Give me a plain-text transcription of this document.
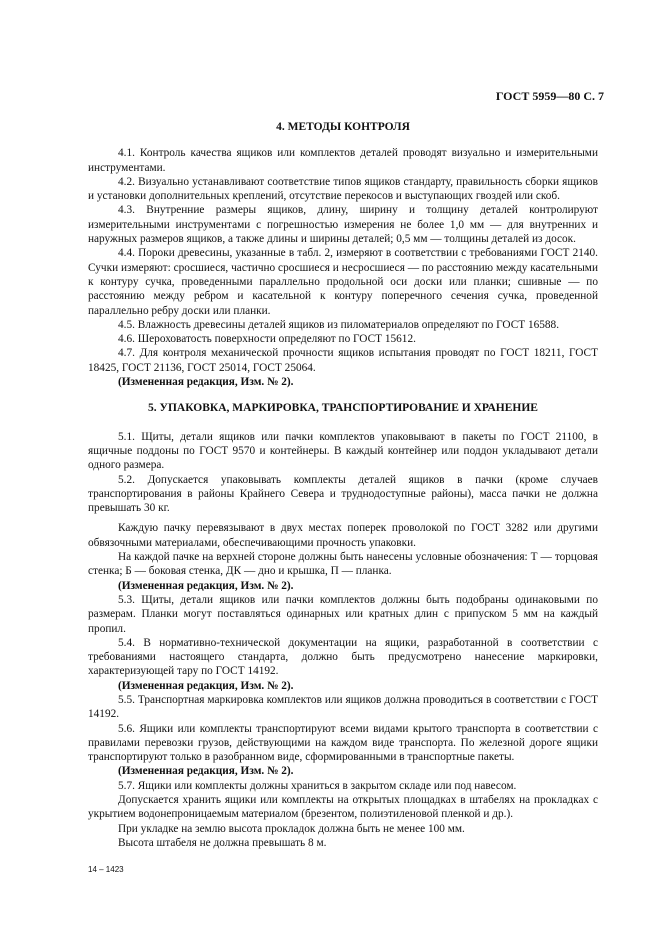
ГОСТ 5959—80 С. 7

4. МЕТОДЫ КОНТРОЛЯ

4.1. Контроль качества ящиков или комплектов деталей проводят визуально и измерительными инструментами.

4.2. Визуально устанавливают соответствие типов ящиков стандарту, правильность сборки ящиков и установки дополнительных креплений, отсутствие перекосов и выступающих гвоздей или скоб.

4.3. Внутренние размеры ящиков, длину, ширину и толщину деталей контролируют измерительными инструментами с погрешностью измерения не более 1,0 мм — для внутренних и наружных размеров ящиков, а также длины и ширины деталей; 0,5 мм — толщины деталей из досок.

4.4. Пороки древесины, указанные в табл. 2, измеряют в соответствии с требованиями ГОСТ 2140. Сучки измеряют: сросшиеся, частично сросшиеся и несросшиеся — по расстоянию между касательными к контуру сучка, проведенными параллельно продольной оси доски или планки; сшивные — по расстоянию между ребром и касательной к контуру поперечного сечения сучка, проведенной параллельно ребру доски или планки.

4.5. Влажность древесины деталей ящиков из пиломатериалов определяют по ГОСТ 16588.

4.6. Шероховатость поверхности определяют по ГОСТ 15612.

4.7. Для контроля механической прочности ящиков испытания проводят по ГОСТ 18211, ГОСТ 18425, ГОСТ 21136, ГОСТ 25014, ГОСТ 25064.

(Измененная редакция, Изм. № 2).

5. УПАКОВКА, МАРКИРОВКА, ТРАНСПОРТИРОВАНИЕ И ХРАНЕНИЕ

5.1. Щиты, детали ящиков или пачки комплектов упаковывают в пакеты по ГОСТ 21100, в ящичные поддоны по ГОСТ 9570 и контейнеры. В каждый контейнер или поддон укладывают детали одного размера.

5.2. Допускается упаковывать комплекты деталей ящиков в пачки (кроме случаев транспортирования в районы Крайнего Севера и труднодоступные районы), масса пачки не должна превышать 30 кг.

Каждую пачку перевязывают в двух местах поперек проволокой по ГОСТ 3282 или другими обвязочными материалами, обеспечивающими прочность упаковки.

На каждой пачке на верхней стороне должны быть нанесены условные обозначения: Т — торцовая стенка; Б — боковая стенка, ДК — дно и крышка, П — планка.

(Измененная редакция, Изм. № 2).

5.3. Щиты, детали ящиков или пачки комплектов должны быть подобраны одинаковыми по размерам. Планки могут поставляться одинарных или кратных длин с припуском 5 мм на каждый пропил.

5.4. В нормативно-технической документации на ящики, разработанной в соответствии с требованиями настоящего стандарта, должно быть предусмотрено нанесение маркировки, характеризующей тару по ГОСТ 14192.

(Измененная редакция, Изм. № 2).

5.5. Транспортная маркировка комплектов или ящиков должна проводиться в соответствии с ГОСТ 14192.

5.6. Ящики или комплекты транспортируют всеми видами крытого транспорта в соответствии с правилами перевозки грузов, действующими на каждом виде транспорта. По железной дороге ящики транспортируют только в разобранном виде, сформированными в транспортные пакеты.

(Измененная редакция, Изм. № 2).

5.7. Ящики или комплекты должны храниться в закрытом складе или под навесом.

Допускается хранить ящики или комплекты на открытых площадках в штабелях на прокладках с укрытием водонепроницаемым материалом (брезентом, полиэтиленовой пленкой и др.).

При укладке на землю высота прокладок должна быть не менее 100 мм.

Высота штабеля не должна превышать 8 м.

14 – 1423
